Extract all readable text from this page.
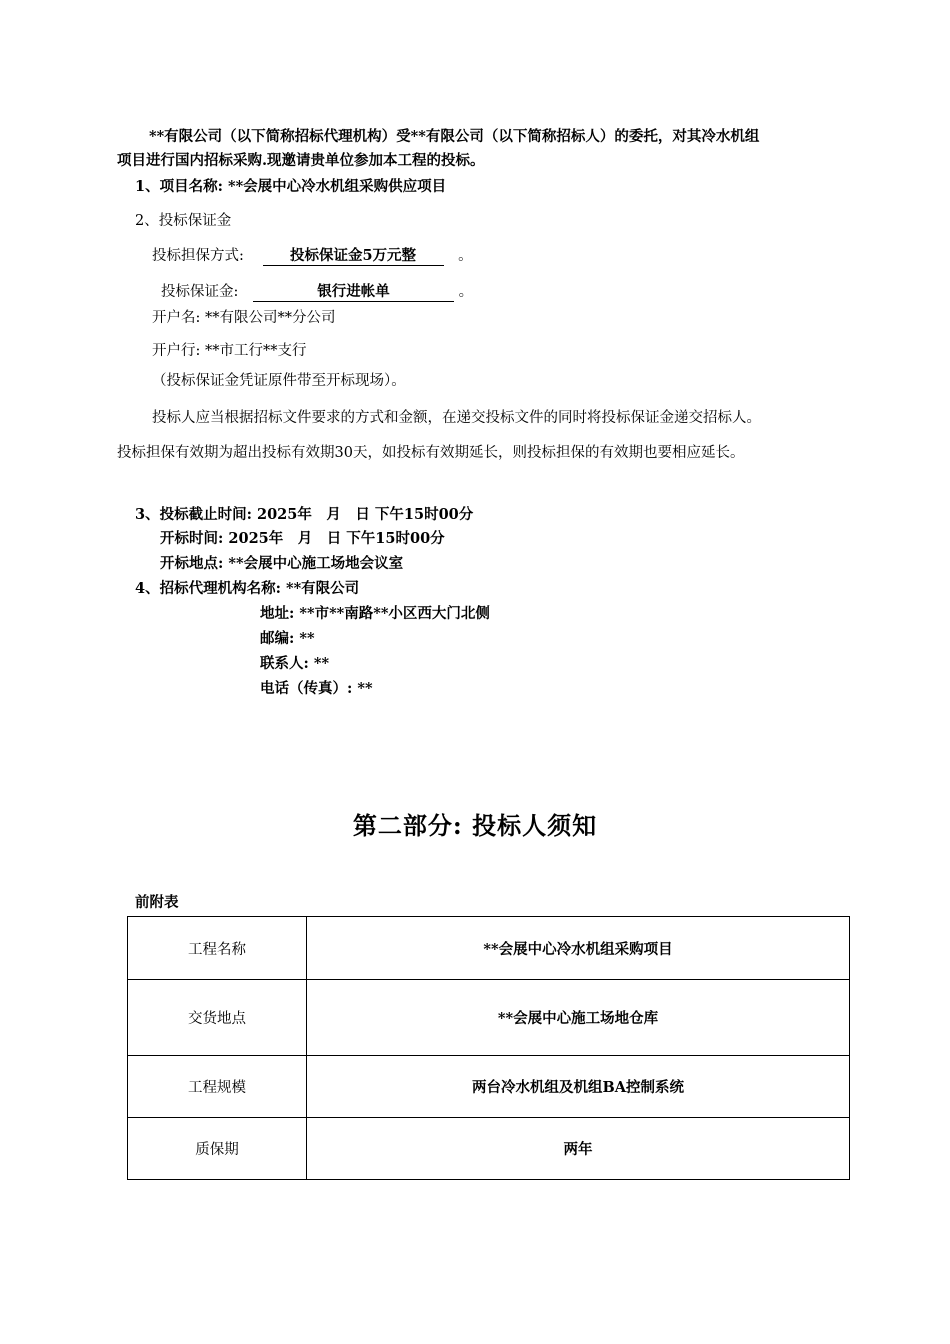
**有限公司（以下简称招标代理机构）受**有限公司（以下简称招标人）的委托，对其冷水机组
项目进行国内招标采购.现邀请贵单位参加本工程的投标。
1、项目名称: **会展中心冷水机组采购供应项目
2、投标保证金
投标担保方式:	投标保证金5万元整	。
投标保证金:	银行进帐单	。
开户名: **有限公司**分公司
开户行: **市工行**支行
（投标保证金凭证原件带至开标现场）。
投标人应当根据招标文件要求的方式和金额，在递交投标文件的同时将投标保证金递交招标人。
投标担保有效期为超出投标有效期30天，如投标有效期延长，则投标担保的有效期也要相应延长。
3、投标截止时间: 2025年　月　日 下午15时00分
开标时间: 2025年　月　日 下午15时00分
开标地点: **会展中心施工场地会议室
4、招标代理机构名称: **有限公司
地址: **市**南路**小区西大门北侧
邮编: **
联系人: **
电话（传真）: **
第二部分: 投标人须知
前附表
工程名称	**会展中心冷水机组采购项目
交货地点	**会展中心施工场地仓库
工程规模	两台冷水机组及机组BA控制系统
质保期	两年
